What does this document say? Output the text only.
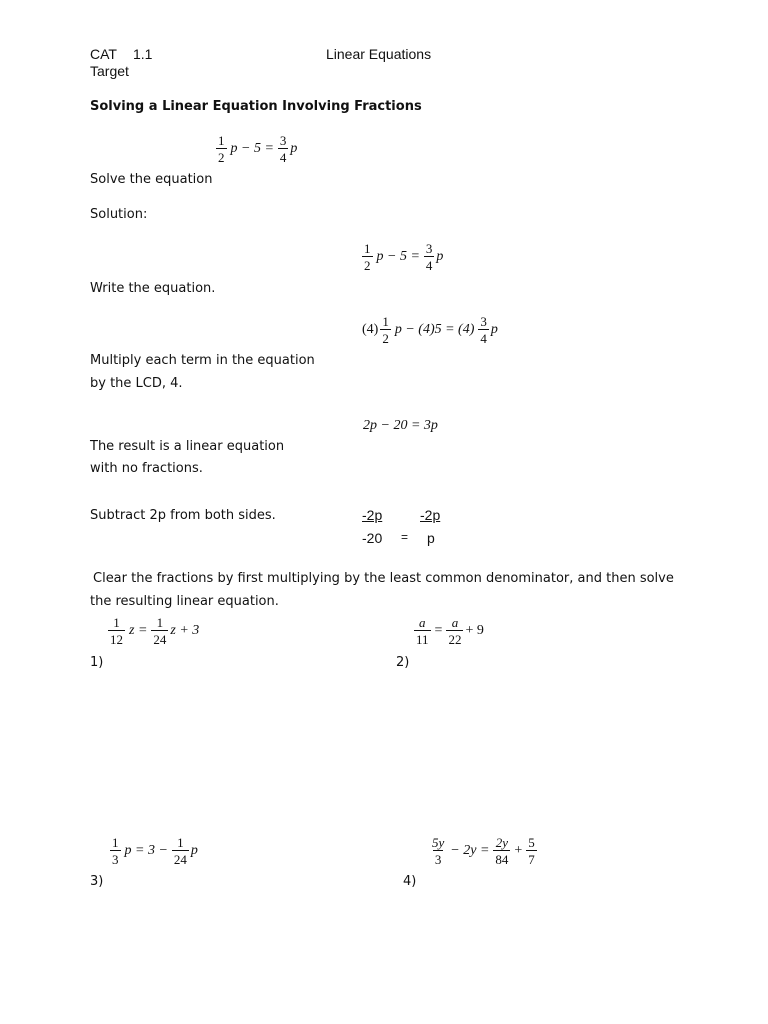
CAT 1.1	Linear Equations
Target
Solving a Linear Equation Involving Fractions
$\frac{1}{2}$ $p - 5 = \frac{3}{4}$ p
Solve the equation
Solution:
$\frac{1}{2}$ $p - 5 = \frac{3}{4}$ p
Write the equation.
$(4) \frac{1}{2}$ $p - (4)5 = (4) \frac{3}{4}$ p
Multiply each term in the equation
by the LCD, 4.
2p − 20 = 3p
The result is a linear equation
with no fractions.
Subtract 2p from both sides.	-2p	-2p
-20 = p
Clear the fractions by first multiplying by the least common denominator, and then solve
the resulting linear equation.
$\frac{1}{12}$ $z = \frac{1}{24}$ z + 3
1)
$\frac{a}{11} = \frac{a}{22} + 9$
2)
$\frac{1}{3}$ $p = 3 - \frac{1}{24}$ p
3)
$\frac{5y}{3} - 2y = \frac{2y}{84} + \frac{5}{7}$
4)
